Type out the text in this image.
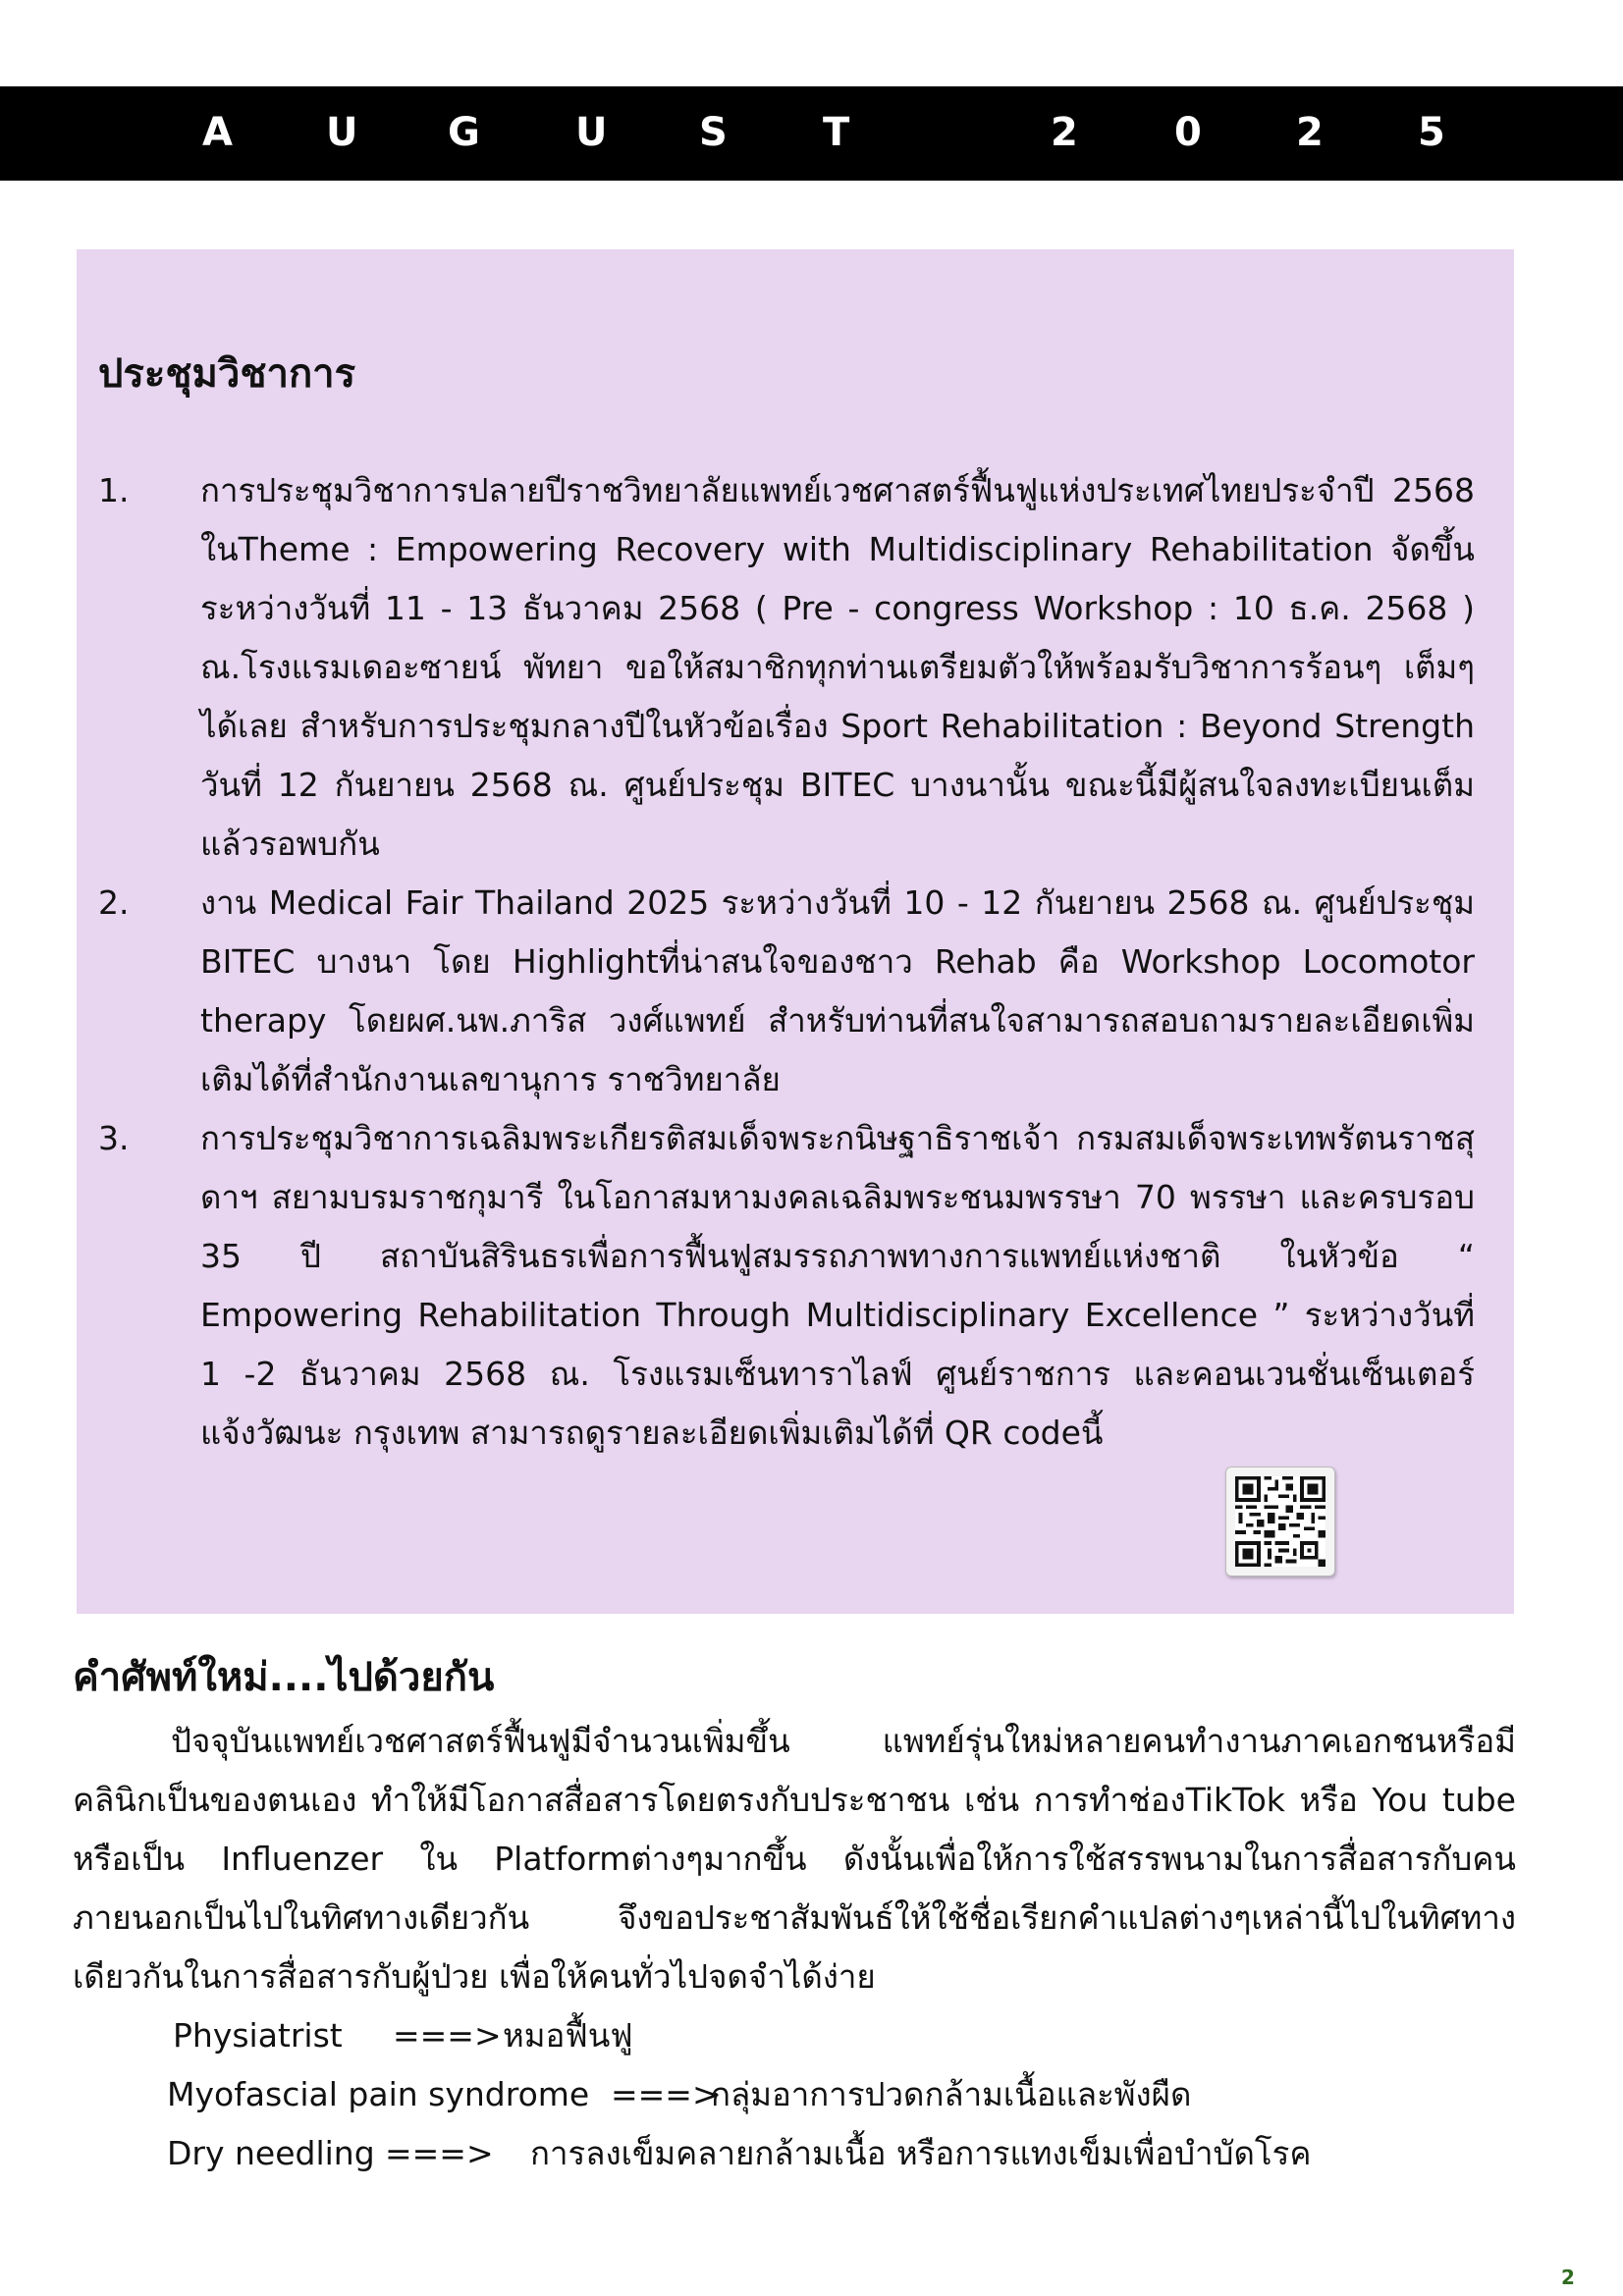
A U G U S T	2 0 2 5
ประชุมวิชาการ
1. การประชุมวิชาการปลายปีราชวิทยาลัยแพทย์เวชศาสตร์ฟื้นฟูแห่งประเทศไทยประจำปี 2568 ในTheme : Empowering Recovery with Multidisciplinary Rehabilitation จัดขึ้นระหว่างวันที่ 11 - 13 ธันวาคม 2568 ( Pre - congress Workshop : 10 ธ.ค. 2568 ) ณ.โรงแรมเดอะซายน์ พัทยา ขอให้สมาชิกทุกท่านเตรียมตัวให้พร้อมรับวิชาการร้อนๆ เต็มๆได้เลย สำหรับการประชุมกลางปีในหัวข้อเรื่อง Sport Rehabilitation : Beyond Strength วันที่ 12 กันยายน 2568 ณ. ศูนย์ประชุม BITEC บางนานั้น ขณะนี้มีผู้สนใจลงทะเบียนเต็มแล้วรอพบกัน
2. งาน Medical Fair Thailand 2025 ระหว่างวันที่ 10 - 12 กันยายน 2568 ณ. ศูนย์ประชุม BITEC บางนา โดย Highlightที่น่าสนใจของชาว Rehab คือ Workshop Locomotor therapy โดยผศ.นพ.ภาริส วงศ์แพทย์ สำหรับท่านที่สนใจสามารถสอบถามรายละเอียดเพิ่มเติมได้ที่สำนักงานเลขานุการ ราชวิทยาลัย
3. การประชุมวิชาการเฉลิมพระเกียรติสมเด็จพระกนิษฐาธิราชเจ้า กรมสมเด็จพระเทพรัตนราชสุดาฯ สยามบรมราชกุมารี ในโอกาสมหามงคลเฉลิมพระชนมพรรษา 70 พรรษา และครบรอบ 35 ปี สถาบันสิรินธรเพื่อการฟื้นฟูสมรรถภาพทางการแพทย์แห่งชาติ ในหัวข้อ “ Empowering Rehabilitation Through Multidisciplinary Excellence ” ระหว่างวันที่ 1 -2 ธันวาคม 2568 ณ. โรงแรมเซ็นทาราไลฟ์ ศูนย์ราชการ และคอนเวนชั่นเซ็นเตอร์ แจ้งวัฒนะ กรุงเทพ สามารถดูรายละเอียดเพิ่มเติมได้ที่ QR codeนี้
คำศัพท์ใหม่....ไปด้วยกัน

ปัจจุบันแพทย์เวชศาสตร์ฟื้นฟูมีจำนวนเพิ่มขึ้น แพทย์รุ่นใหม่หลายคนทำงานภาคเอกชนหรือมีคลินิกเป็นของตนเอง ทำให้มีโอกาสสื่อสารโดยตรงกับประชาชน เช่น การทำช่องTikTok หรือ You tube หรือเป็น Influenzer ใน Platformต่างๆมากขึ้น ดังนั้นเพื่อให้การใช้สรรพนามในการสื่อสารกับคนภายนอกเป็นไปในทิศทางเดียวกัน จึงขอประชาสัมพันธ์ให้ใช้ชื่อเรียกคำแปลต่างๆเหล่านี้ไปในทิศทางเดียวกันในการสื่อสารกับผู้ป่วย เพื่อให้คนทั่วไปจดจำได้ง่าย

Physiatrist ===> หมอฟื้นฟู
Myofascial pain syndrome ===>
กลุ่มอาการปวดกล้ามเนื้อและพังผืด
Dry needling ===> การลงเข็มคลายกล้ามเนื้อ หรือการแทงเข็มเพื่อบำบัดโรค
2
